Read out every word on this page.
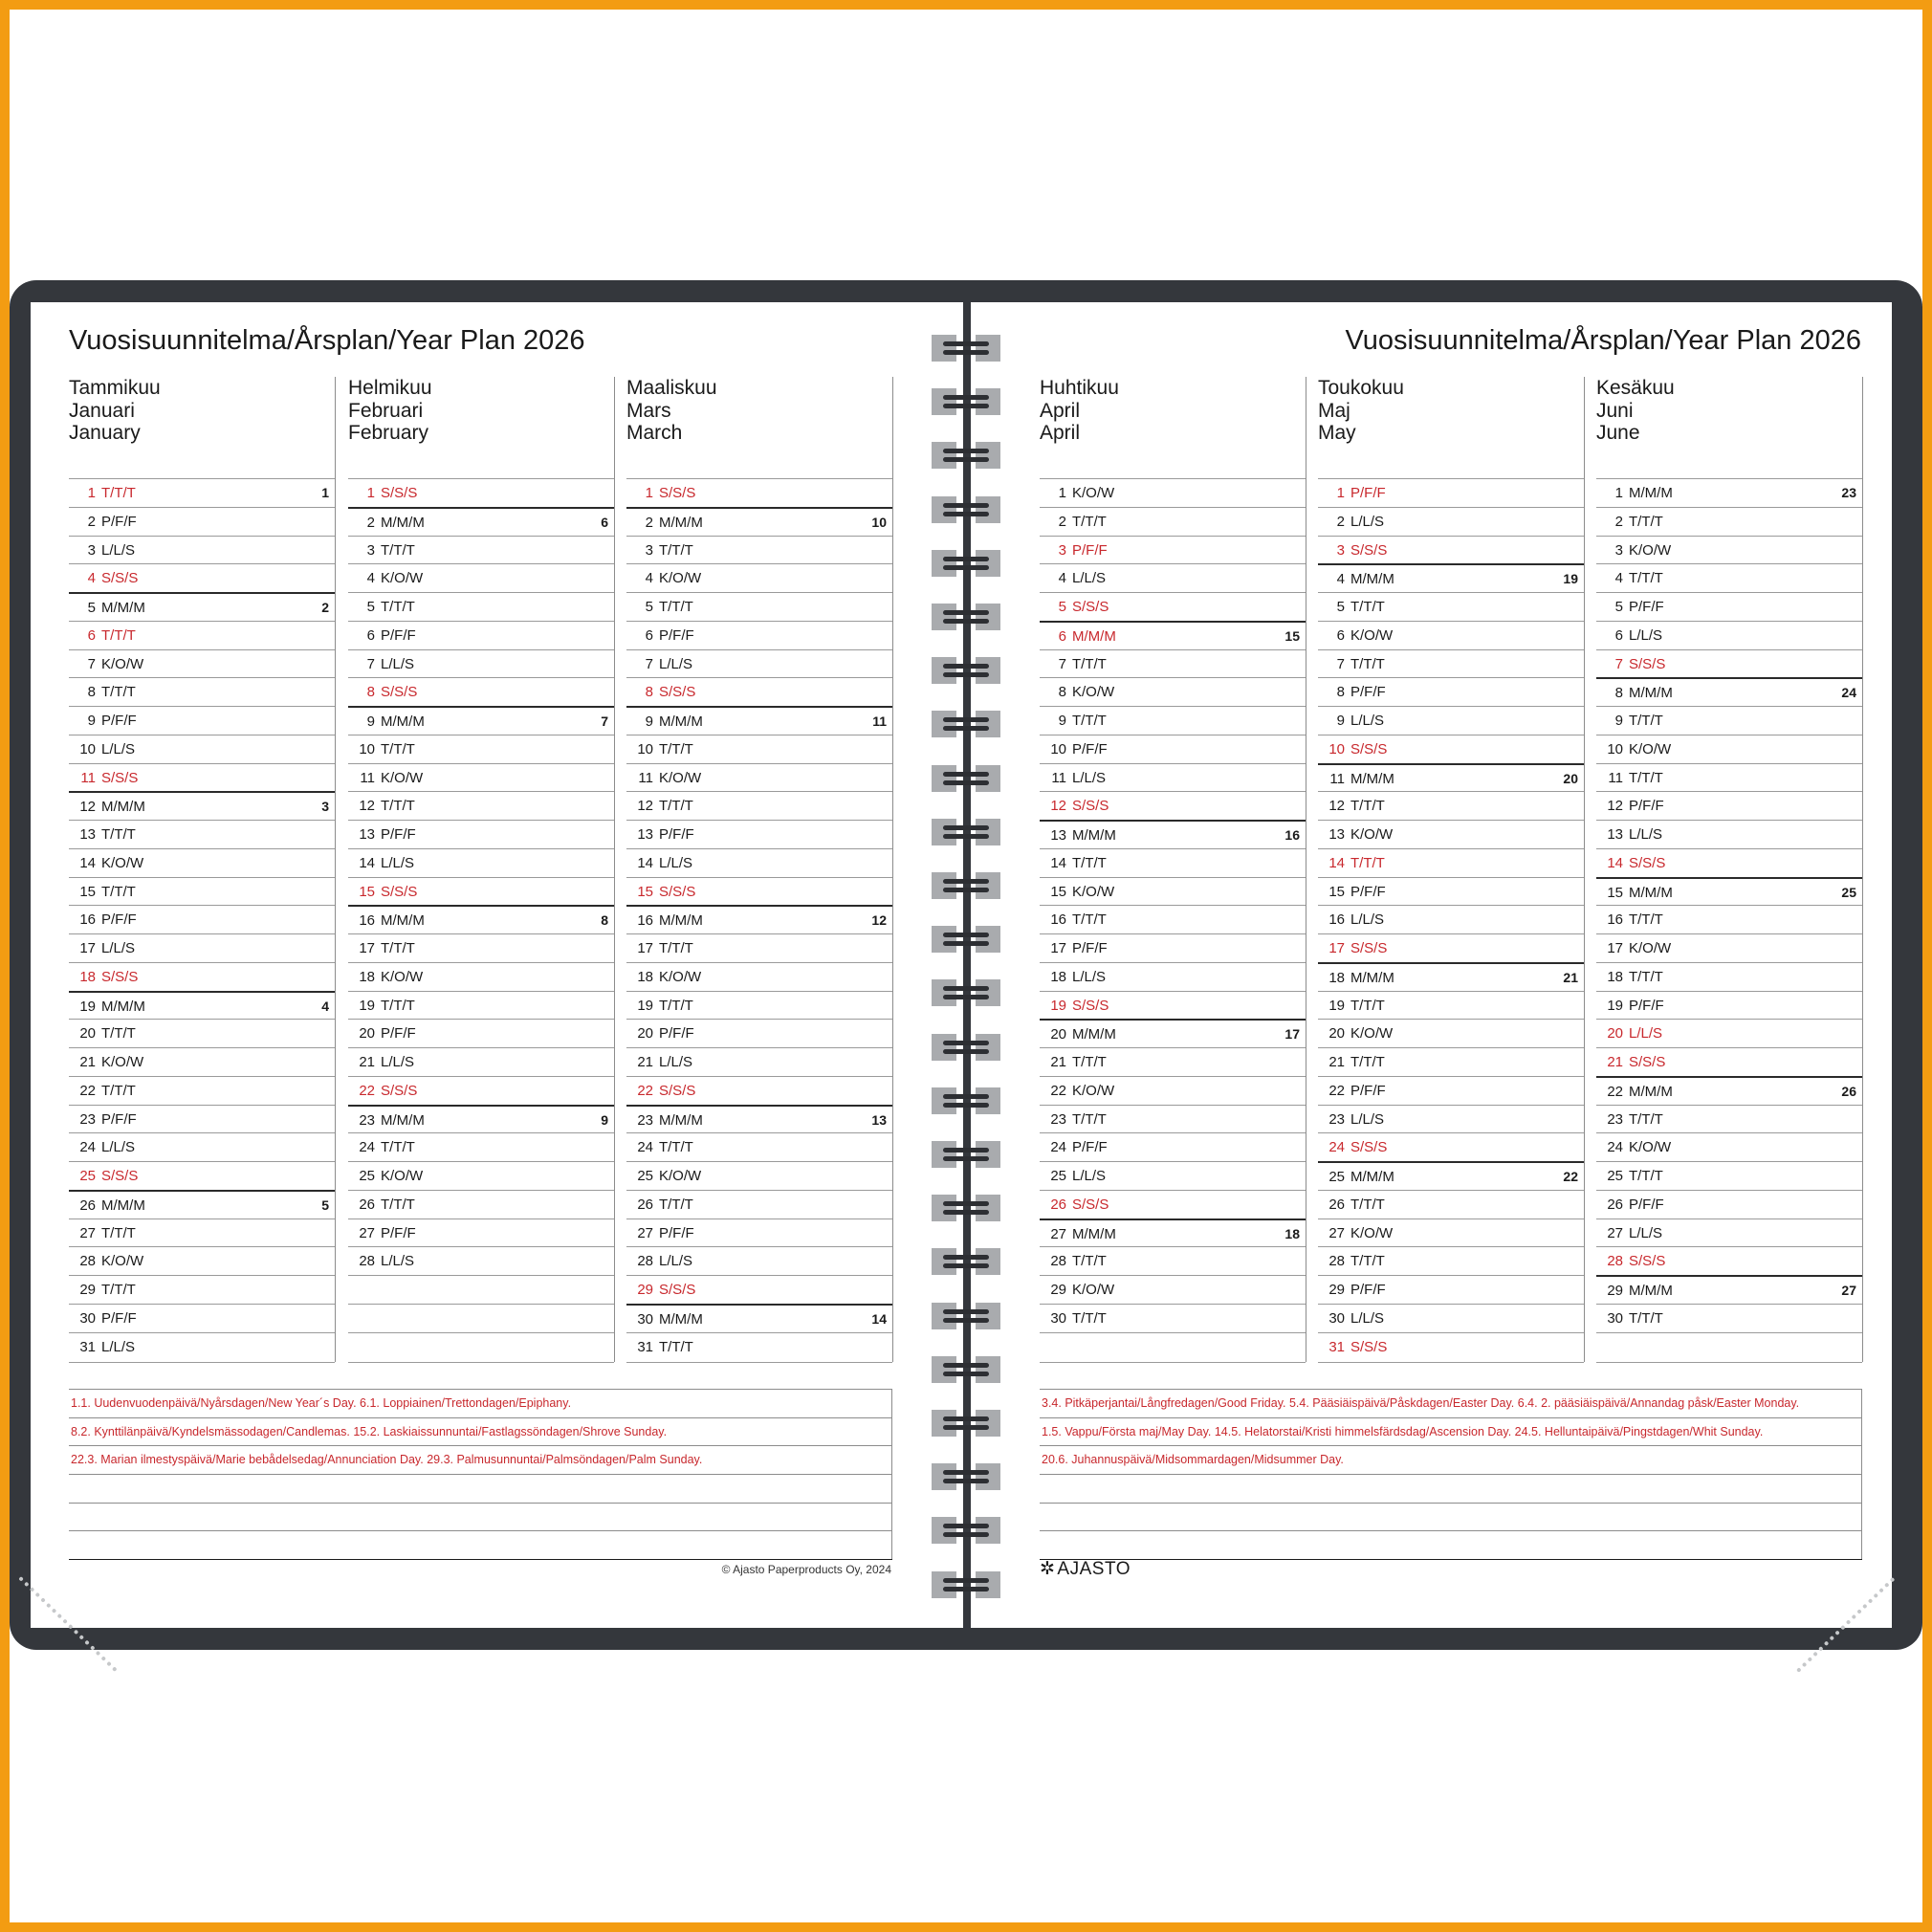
Vuosisuunnitelma/Årsplan/Year Plan 2026	Vuosisuunnitelma/Årsplan/Year Plan 2026
Tammikuu
Januari
January
1 T/T/T	1
2 P/F/F
3 L/L/S
4 S/S/S
5 M/M/M	2
6 T/T/T
7 K/O/W
8 T/T/T
9 P/F/F
10 L/L/S
11 S/S/S
12 M/M/M	3
13 T/T/T
14 K/O/W
15 T/T/T
16 P/F/F
17 L/L/S
18 S/S/S
19 M/M/M	4
20 T/T/T
21 K/O/W
22 T/T/T
23 P/F/F
24 L/L/S
25 S/S/S
26 M/M/M	5
27 T/T/T
28 K/O/W
29 T/T/T
30 P/F/F
31 L/L/S
Helmikuu
Februari
February
1 S/S/S
2 M/M/M	6
3 T/T/T
4 K/O/W
5 T/T/T
6 P/F/F
7 L/L/S
8 S/S/S
9 M/M/M	7
10 T/T/T
11 K/O/W
12 T/T/T
13 P/F/F
14 L/L/S
15 S/S/S
16 M/M/M	8
17 T/T/T
18 K/O/W
19 T/T/T
20 P/F/F
21 L/L/S
22 S/S/S
23 M/M/M	9
24 T/T/T
25 K/O/W
26 T/T/T
27 P/F/F
28 L/L/S
Maaliskuu
Mars
March
1 S/S/S
2 M/M/M	10
3 T/T/T
4 K/O/W
5 T/T/T
6 P/F/F
7 L/L/S
8 S/S/S
9 M/M/M	11
10 T/T/T
11 K/O/W
12 T/T/T
13 P/F/F
14 L/L/S
15 S/S/S
16 M/M/M	12
17 T/T/T
18 K/O/W
19 T/T/T
20 P/F/F
21 L/L/S
22 S/S/S
23 M/M/M	13
24 T/T/T
25 K/O/W
26 T/T/T
27 P/F/F
28 L/L/S
29 S/S/S
30 M/M/M	14
31 T/T/T
Huhtikuu
April
April
1 K/O/W
2 T/T/T
3 P/F/F
4 L/L/S
5 S/S/S
6 M/M/M	15
7 T/T/T
8 K/O/W
9 T/T/T
10 P/F/F
11 L/L/S
12 S/S/S
13 M/M/M	16
14 T/T/T
15 K/O/W
16 T/T/T
17 P/F/F
18 L/L/S
19 S/S/S
20 M/M/M	17
21 T/T/T
22 K/O/W
23 T/T/T
24 P/F/F
25 L/L/S
26 S/S/S
27 M/M/M	18
28 T/T/T
29 K/O/W
30 T/T/T
Toukokuu
Maj
May
1 P/F/F
2 L/L/S
3 S/S/S
4 M/M/M	19
5 T/T/T
6 K/O/W
7 T/T/T
8 P/F/F
9 L/L/S
10 S/S/S
11 M/M/M	20
12 T/T/T
13 K/O/W
14 T/T/T
15 P/F/F
16 L/L/S
17 S/S/S
18 M/M/M	21
19 T/T/T
20 K/O/W
21 T/T/T
22 P/F/F
23 L/L/S
24 S/S/S
25 M/M/M	22
26 T/T/T
27 K/O/W
28 T/T/T
29 P/F/F
30 L/L/S
31 S/S/S
Kesäkuu
Juni
June
1 M/M/M	23
2 T/T/T
3 K/O/W
4 T/T/T
5 P/F/F
6 L/L/S
7 S/S/S
8 M/M/M	24
9 T/T/T
10 K/O/W
11 T/T/T
12 P/F/F
13 L/L/S
14 S/S/S
15 M/M/M	25
16 T/T/T
17 K/O/W
18 T/T/T
19 P/F/F
20 L/L/S
21 S/S/S
22 M/M/M	26
23 T/T/T
24 K/O/W
25 T/T/T
26 P/F/F
27 L/L/S
28 S/S/S
29 M/M/M	27
30 T/T/T
1.1. Uudenvuodenpäivä/Nyårsdagen/New Year´s Day. 6.1. Loppiainen/Trettondagen/Epiphany.
8.2. Kynttilänpäivä/Kyndelsmässodagen/Candlemas. 15.2. Laskiaissunnuntai/Fastlagssöndagen/Shrove Sunday.
22.3. Marian ilmestyspäivä/Marie bebådelsedag/Annunciation Day. 29.3. Palmusunnuntai/Palmsöndagen/Palm Sunday.
3.4. Pitkäperjantai/Långfredagen/Good Friday. 5.4. Pääsiäispäivä/Påskdagen/Easter Day. 6.4. 2. pääsiäispäivä/Annandag påsk/Easter Monday.
1.5. Vappu/Första maj/May Day. 14.5. Helatorstai/Kristi himmelsfärdsdag/Ascension Day. 24.5. Helluntaipäivä/Pingstdagen/Whit Sunday.
20.6. Juhannuspäivä/Midsommardagen/Midsummer Day.
© Ajasto Paperproducts Oy, 2024	✲ AJASTO
